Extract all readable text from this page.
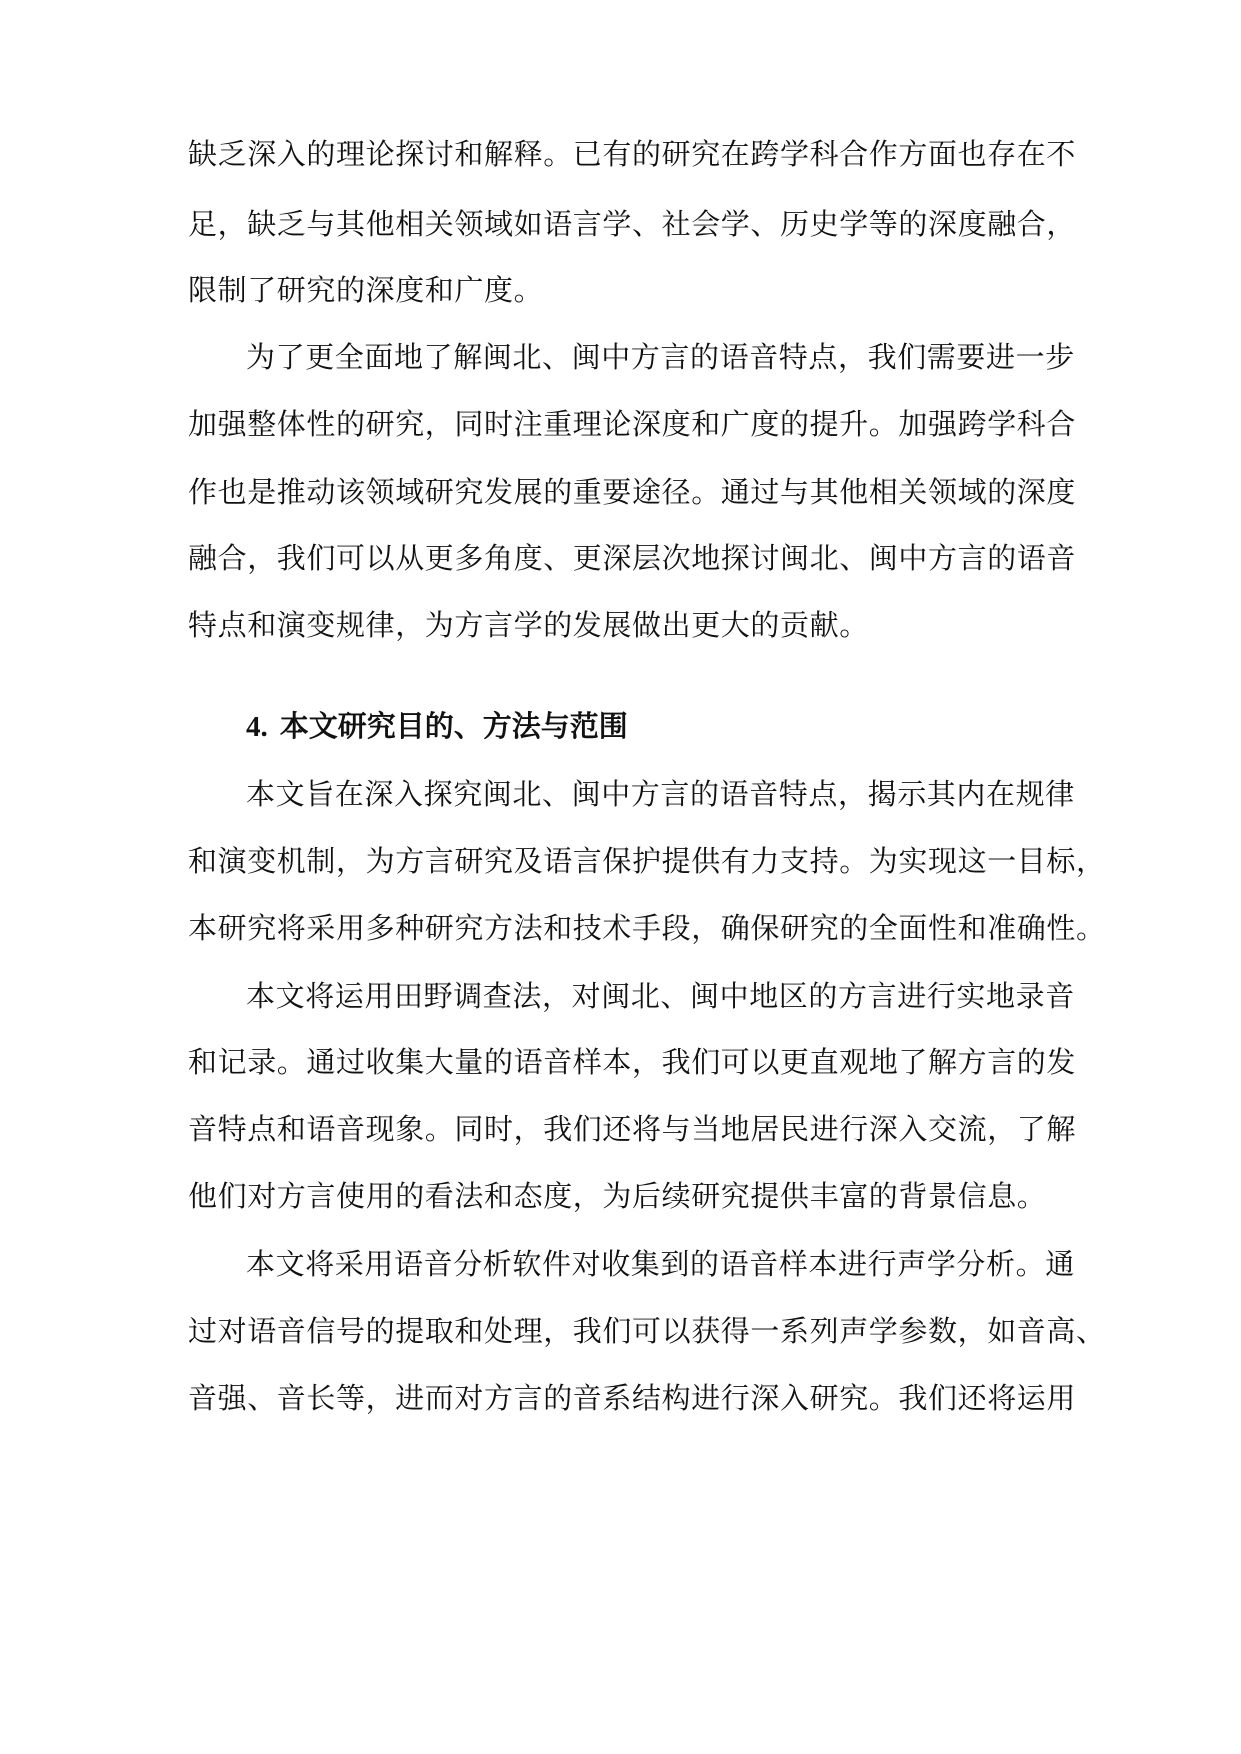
缺乏深入的理论探讨和解释。已有的研究在跨学科合作方面也存在不
足，缺乏与其他相关领域如语言学、社会学、历史学等的深度融合，
限制了研究的深度和广度。
为了更全面地了解闽北、闽中方言的语音特点，我们需要进一步
加强整体性的研究，同时注重理论深度和广度的提升。加强跨学科合
作也是推动该领域研究发展的重要途径。通过与其他相关领域的深度
融合，我们可以从更多角度、更深层次地探讨闽北、闽中方言的语音
特点和演变规律，为方言学的发展做出更大的贡献。
4. 本文研究目的、方法与范围
本文旨在深入探究闽北、闽中方言的语音特点，揭示其内在规律
和演变机制，为方言研究及语言保护提供有力支持。为实现这一目标，
本研究将采用多种研究方法和技术手段，确保研究的全面性和准确性。
本文将运用田野调查法，对闽北、闽中地区的方言进行实地录音
和记录。通过收集大量的语音样本，我们可以更直观地了解方言的发
音特点和语音现象。同时，我们还将与当地居民进行深入交流，了解
他们对方言使用的看法和态度，为后续研究提供丰富的背景信息。
本文将采用语音分析软件对收集到的语音样本进行声学分析。通
过对语音信号的提取和处理，我们可以获得一系列声学参数，如音高、
音强、音长等，进而对方言的音系结构进行深入研究。我们还将运用
